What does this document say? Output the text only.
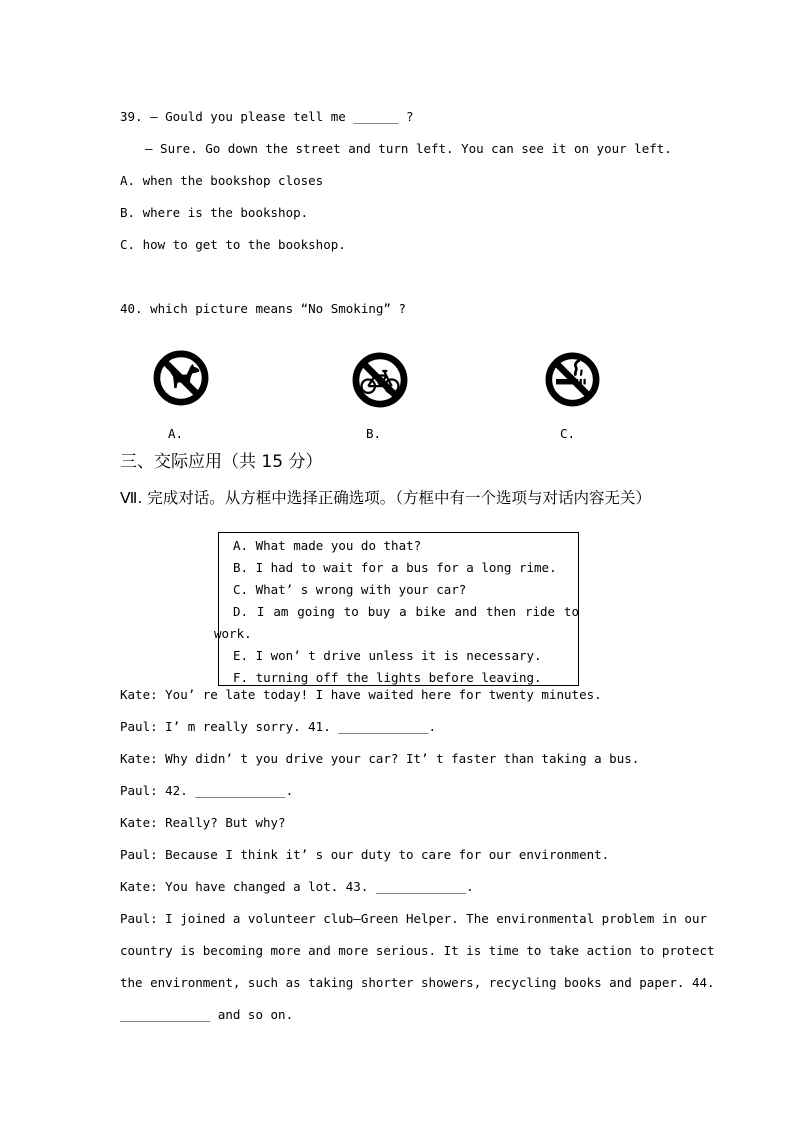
39. – Gould you please tell me ______ ?
– Sure. Go down the street and turn left. You can see it on your left.
A. when the bookshop closes
B. where is the bookshop.
C. how to get to the bookshop.
40. which picture means “No Smoking” ?
A.	B.	C.
三、交际应用（共 15 分）
Ⅶ. 完成对话。从方框中选择正确选项。（方框中有一个选项与对话内容无关）
A. What made you do that?
B. I had to wait for a bus for a long rime.
C. What’ s wrong with your car?
D. I am going to buy a bike and then ride to
work.
E. I won’ t drive unless it is necessary.
F. turning off the lights before leaving.
Kate: You’ re late today! I have waited here for twenty minutes.
Paul: I’ m really sorry. 41. ____________.
Kate: Why didn’ t you drive your car? It’ t faster than taking a bus.
Paul: 42. ____________.
Kate: Really? But why?
Paul: Because I think it’ s our duty to care for our environment.
Kate: You have changed a lot. 43. ____________.
Paul: I joined a volunteer club—Green Helper. The environmental problem in our
country is becoming more and more serious. It is time to take action to protect
the environment, such as taking shorter showers, recycling books and paper. 44.
____________ and so on.
